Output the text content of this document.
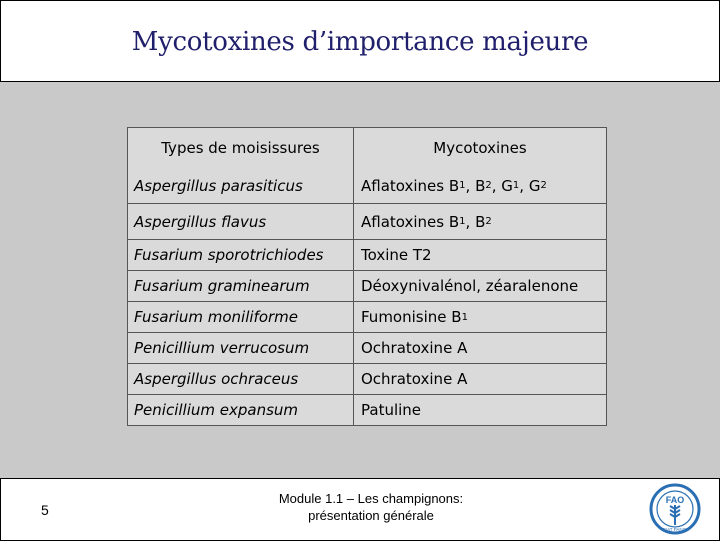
Mycotoxines d’importance majeure
Types de moisissures	Mycotoxines
Aspergillus parasiticus	Aflatoxines B 1 , B 2 , G 1 , G 2
Aspergillus flavus	Aflatoxines B 1 , B 2
Fusarium sporotrichiodes	Toxine T2
Fusarium graminearum	Déoxynivalénol, zéaralenone
Fusarium moniliforme	Fumonisine B 1
Penicillium verrucosum	Ochratoxine A
Aspergillus ochraceus	Ochratoxine A
Penicillium expansum	Patuline
5
Module 1.1 – Les champignons:
présentation générale
FAO
FIAT PANIS
